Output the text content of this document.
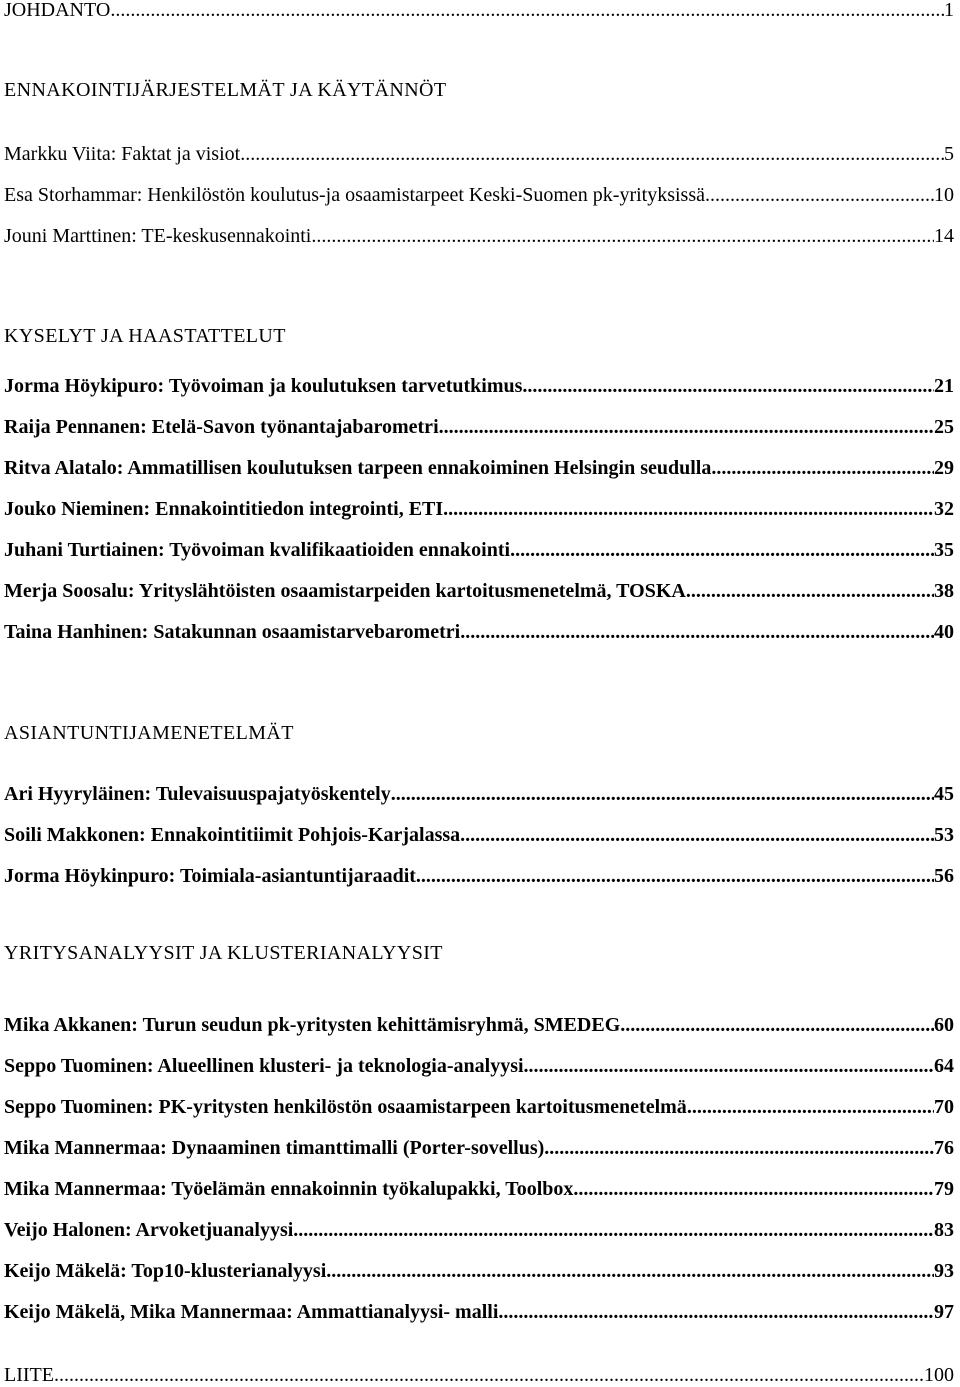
JOHDANTO .....	1
ENNAKOINTIJÄRJESTELMÄT JA KÄYTÄNNÖT
Markku Viita: Faktat ja visiot .....	5
Esa Storhammar: Henkilöstön koulutus-ja osaamistarpeet Keski-Suomen pk-yrityksissä .....	10
Jouni Marttinen: TE-keskusennakointi .....	14
KYSELYT JA HAASTATTELUT
Jorma Höykipuro: Työvoiman ja koulutuksen tarvetutkimus .....	21
Raija Pennanen: Etelä-Savon työnantajabarometri .....	25
Ritva Alatalo: Ammatillisen koulutuksen tarpeen ennakoiminen Helsingin seudulla .....	29
Jouko Nieminen: Ennakointitiedon integrointi, ETI .....	32
Juhani Turtiainen: Työvoiman kvalifikaatioiden ennakointi .....	35
Merja Soosalu: Yrityslähtöisten osaamistarpeiden kartoitusmenetelmä, TOSKA .....	38
Taina Hanhinen: Satakunnan osaamistarvebarometri .....	40
ASIANTUNTIJAMENETELMÄT
Ari Hyyryläinen: Tulevaisuuspajatyöskentely .....	45
Soili Makkonen: Ennakointitiimit Pohjois-Karjalassa .....	53
Jorma Höykinpuro: Toimiala-asiantuntijaraadit .....	56
YRITYSANALYYSIT JA KLUSTERIANALYYSIT
Mika Akkanen: Turun seudun pk-yritysten kehittämisryhmä, SMEDEG .....	60
Seppo Tuominen: Alueellinen klusteri- ja teknologia-analyysi .....	64
Seppo Tuominen: PK-yritysten henkilöstön osaamistarpeen kartoitusmenetelmä .....	70
Mika Mannermaa: Dynaaminen timanttimalli (Porter-sovellus) .....	76
Mika Mannermaa: Työelämän ennakoinnin työkalupakki, Toolbox .....	79
Veijo Halonen: Arvoketjuanalyysi .....	83
Keijo Mäkelä: Top10-klusterianalyysi .....	93
Keijo Mäkelä, Mika Mannermaa: Ammattianalyysi- malli .....	97
LIITE .....	100
